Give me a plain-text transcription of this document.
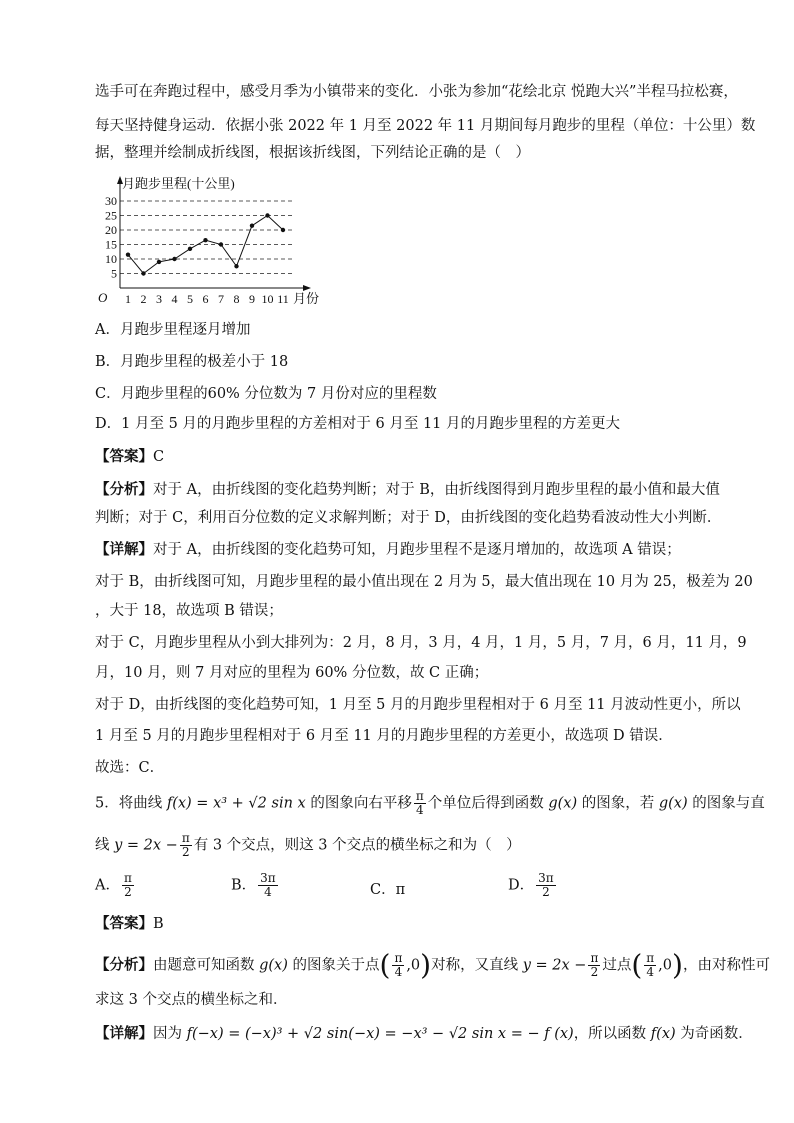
选手可在奔跑过程中，感受月季为小镇带来的变化．小张为参加“花绘北京 悦跑大兴”半程马拉松赛，
每天坚持健身运动．依据小张 2022 年 1 月至 2022 年 11 月期间每月跑步的里程（单位：十公里）数
据，整理并绘制成折线图，根据该折线图，下列结论正确的是（　）
5
10
15
20
25
30
月跑步里程(十公里)
月份
O 1 2 3 4 5 6 7 8 9 10 11
A．月跑步里程逐月增加
B．月跑步里程的极差小于 18
C．月跑步里程的60% 分位数为 7 月份对应的里程数
D．1 月至 5 月的月跑步里程的方差相对于 6 月至 11 月的月跑步里程的方差更大
【答案】C
【分析】对于 A，由折线图的变化趋势判断；对于 B，由折线图得到月跑步里程的最小值和最大值
判断；对于 C，利用百分位数的定义求解判断；对于 D，由折线图的变化趋势看波动性大小判断．
【详解】对于 A，由折线图的变化趋势可知，月跑步里程不是逐月增加的，故选项 A 错误；
对于 B，由折线图可知，月跑步里程的最小值出现在 2 月为 5，最大值出现在 10 月为 25，极差为 20
，大于 18，故选项 B 错误；
对于 C，月跑步里程从小到大排列为：2 月，8 月，3 月，4 月，1 月，5 月，7 月，6 月，11 月，9
月，10 月，则 7 月对应的里程为 60% 分位数，故 C 正确；
对于 D，由折线图的变化趋势可知，1 月至 5 月的月跑步里程相对于 6 月至 11 月波动性更小，所以
1 月至 5 月的月跑步里程相对于 6 月至 11 月的月跑步里程的方差更小，故选项 D 错误．
故选：C．
5．将曲线 f(x) = x³ + √2 sin x 的图象向右平移 $\frac{\pi}{4}$ 个单位后得到函数 g(x) 的图象，若 g(x) 的图象与直
线 $y = 2x - \frac{\pi}{2}$ 有 3 个交点，则这 3 个交点的横坐标之和为（　）
A． $\frac{\pi}{2}$	B． $\frac{3\pi}{4}$	C．π	D． $\frac{3\pi}{2}$
【答案】B
【分析】由题意可知函数 g(x) 的图象关于点( $\frac{\pi}{4} ,0$)对称，又直线 $y = 2x - \frac{\pi}{2}$ 过点( $\frac{\pi}{4} ,0$)，由对称性可
求这 3 个交点的横坐标之和．
【详解】因为 f(−x) = (−x)³ + √2 sin(−x) = −x³ − √2 sin x = − f (x)，所以函数 f(x) 为奇函数．
